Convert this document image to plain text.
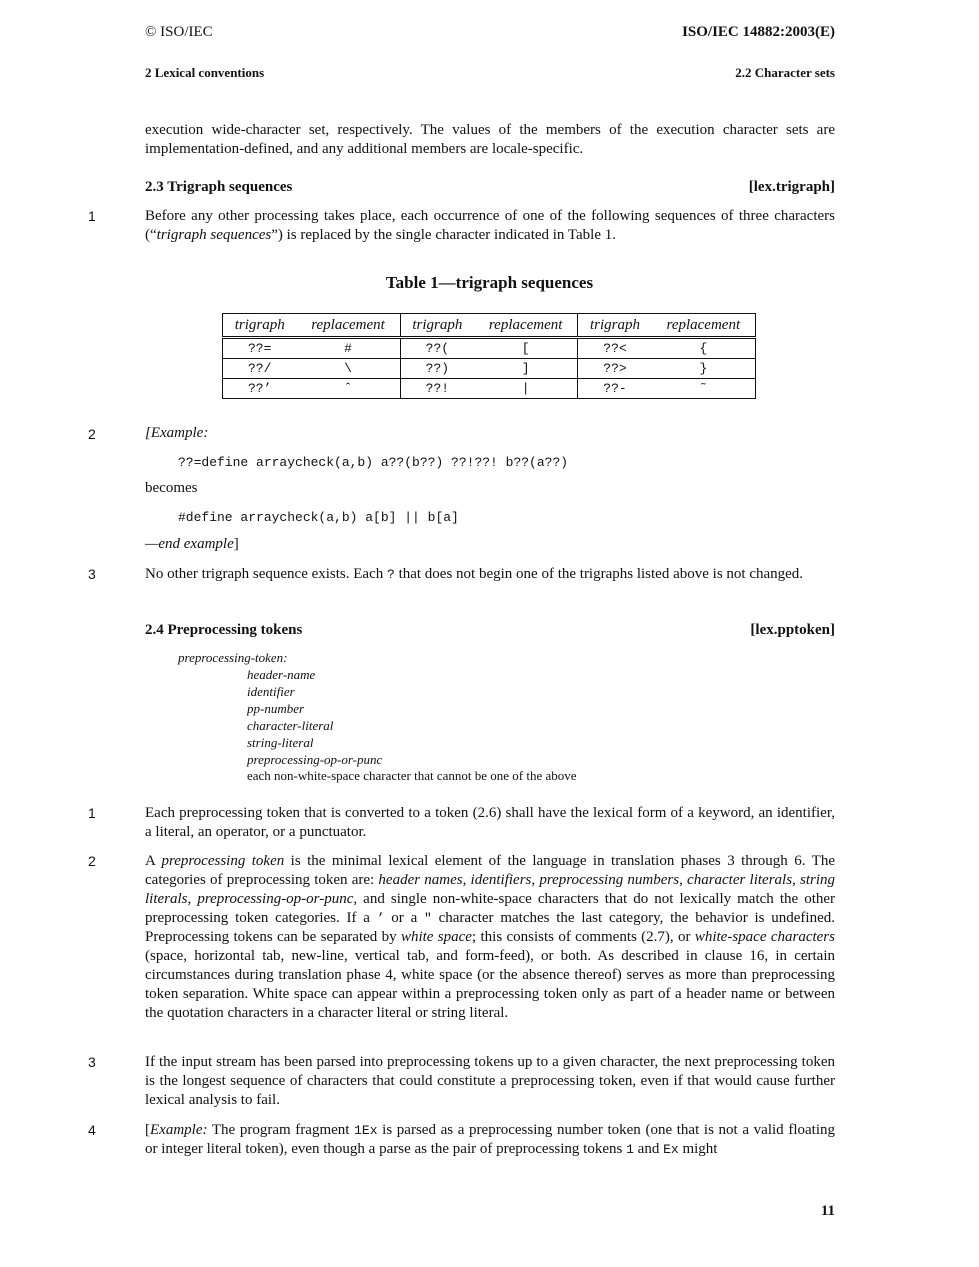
© ISO/IEC	ISO/IEC 14882:2003(E)
2 Lexical conventions	2.2 Character sets
execution wide-character set, respectively. The values of the members of the execution character sets are implementation-defined, and any additional members are locale-specific.
2.3 Trigraph sequences	[lex.trigraph]
1	Before any other processing takes place, each occurrence of one of the following sequences of three characters (“trigraph sequences”) is replaced by the single character indicated in Table 1.
Table 1—trigraph sequences
trigraph	replacement	trigraph	replacement	trigraph	replacement
??=	#	??(	[	??<	{
??/	\	??)	]	??>	}
??’	ˆ	??!	|	??-	˜
2	[Example:
??=define arraycheck(a,b) a??(b??) ??!??! b??(a??)
becomes
#define arraycheck(a,b) a[b] || b[a]
—end example]
3	No other trigraph sequence exists. Each ? that does not begin one of the trigraphs listed above is not changed.
2.4 Preprocessing tokens	[lex.pptoken]
preprocessing-token:
header-name
identifier
pp-number
character-literal
string-literal
preprocessing-op-or-punc
each non-white-space character that cannot be one of the above
1	Each preprocessing token that is converted to a token (2.6) shall have the lexical form of a keyword, an identifier, a literal, an operator, or a punctuator.
2	A preprocessing token is the minimal lexical element of the language in translation phases 3 through 6. The categories of preprocessing token are: header names, identifiers, preprocessing numbers, character literals, string literals, preprocessing-op-or-punc, and single non-white-space characters that do not lexically match the other preprocessing token categories. If a ’ or a " character matches the last category, the behavior is undefined. Preprocessing tokens can be separated by white space; this consists of comments (2.7), or white-space characters (space, horizontal tab, new-line, vertical tab, and form-feed), or both. As described in clause 16, in certain circumstances during translation phase 4, white space (or the absence thereof) serves as more than preprocessing token separation. White space can appear within a preprocessing token only as part of a header name or between the quotation characters in a character literal or string literal.
3	If the input stream has been parsed into preprocessing tokens up to a given character, the next preprocessing token is the longest sequence of characters that could constitute a preprocessing token, even if that would cause further lexical analysis to fail.
4	[Example: The program fragment 1Ex is parsed as a preprocessing number token (one that is not a valid floating or integer literal token), even though a parse as the pair of preprocessing tokens 1 and Ex might
11
